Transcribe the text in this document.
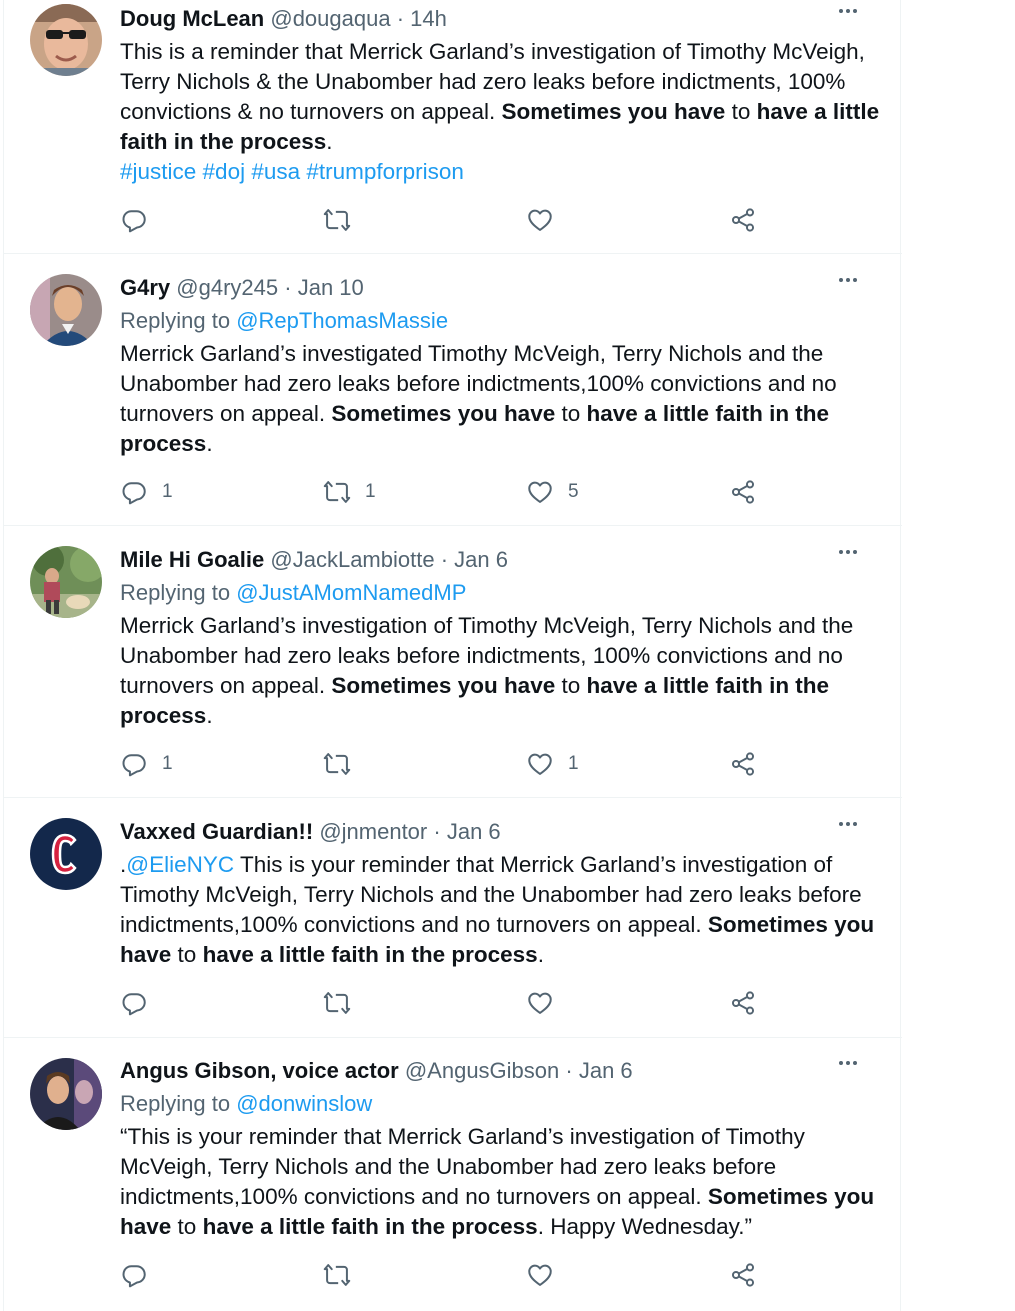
Doug McLean @dougaqua · 14h
This is a reminder that Merrick Garland’s investigation of Timothy McVeigh, Terry Nichols & the Unabomber had zero leaks before indictments, 100% convictions & no turnovers on appeal. Sometimes you have to have a little faith in the process.
#justice #doj #usa #trumpforprison
G4ry @g4ry245 · Jan 10
Replying to @RepThomasMassie
Merrick Garland’s investigated Timothy McVeigh, Terry Nichols and the Unabomber had zero leaks before indictments,100% convictions and no turnovers on appeal. Sometimes you have to have a little faith in the process.
1	1	5
Mile Hi Goalie @JackLambiotte · Jan 6
Replying to @JustAMomNamedMP
Merrick Garland’s investigation of Timothy McVeigh, Terry Nichols and the Unabomber had zero leaks before indictments, 100% convictions and no turnovers on appeal. Sometimes you have to have a little faith in the process.
1	1
Vaxxed Guardian!! @jnmentor · Jan 6
.@ElieNYC This is your reminder that Merrick Garland’s investigation of Timothy McVeigh, Terry Nichols and the Unabomber had zero leaks before indictments,100% convictions and no turnovers on appeal. Sometimes you have to have a little faith in the process.
Angus Gibson, voice actor @AngusGibson · Jan 6
Replying to @donwinslow
“This is your reminder that Merrick Garland’s investigation of Timothy McVeigh, Terry Nichols and the Unabomber had zero leaks before indictments,100% convictions and no turnovers on appeal. Sometimes you have to have a little faith in the process. Happy Wednesday.”
